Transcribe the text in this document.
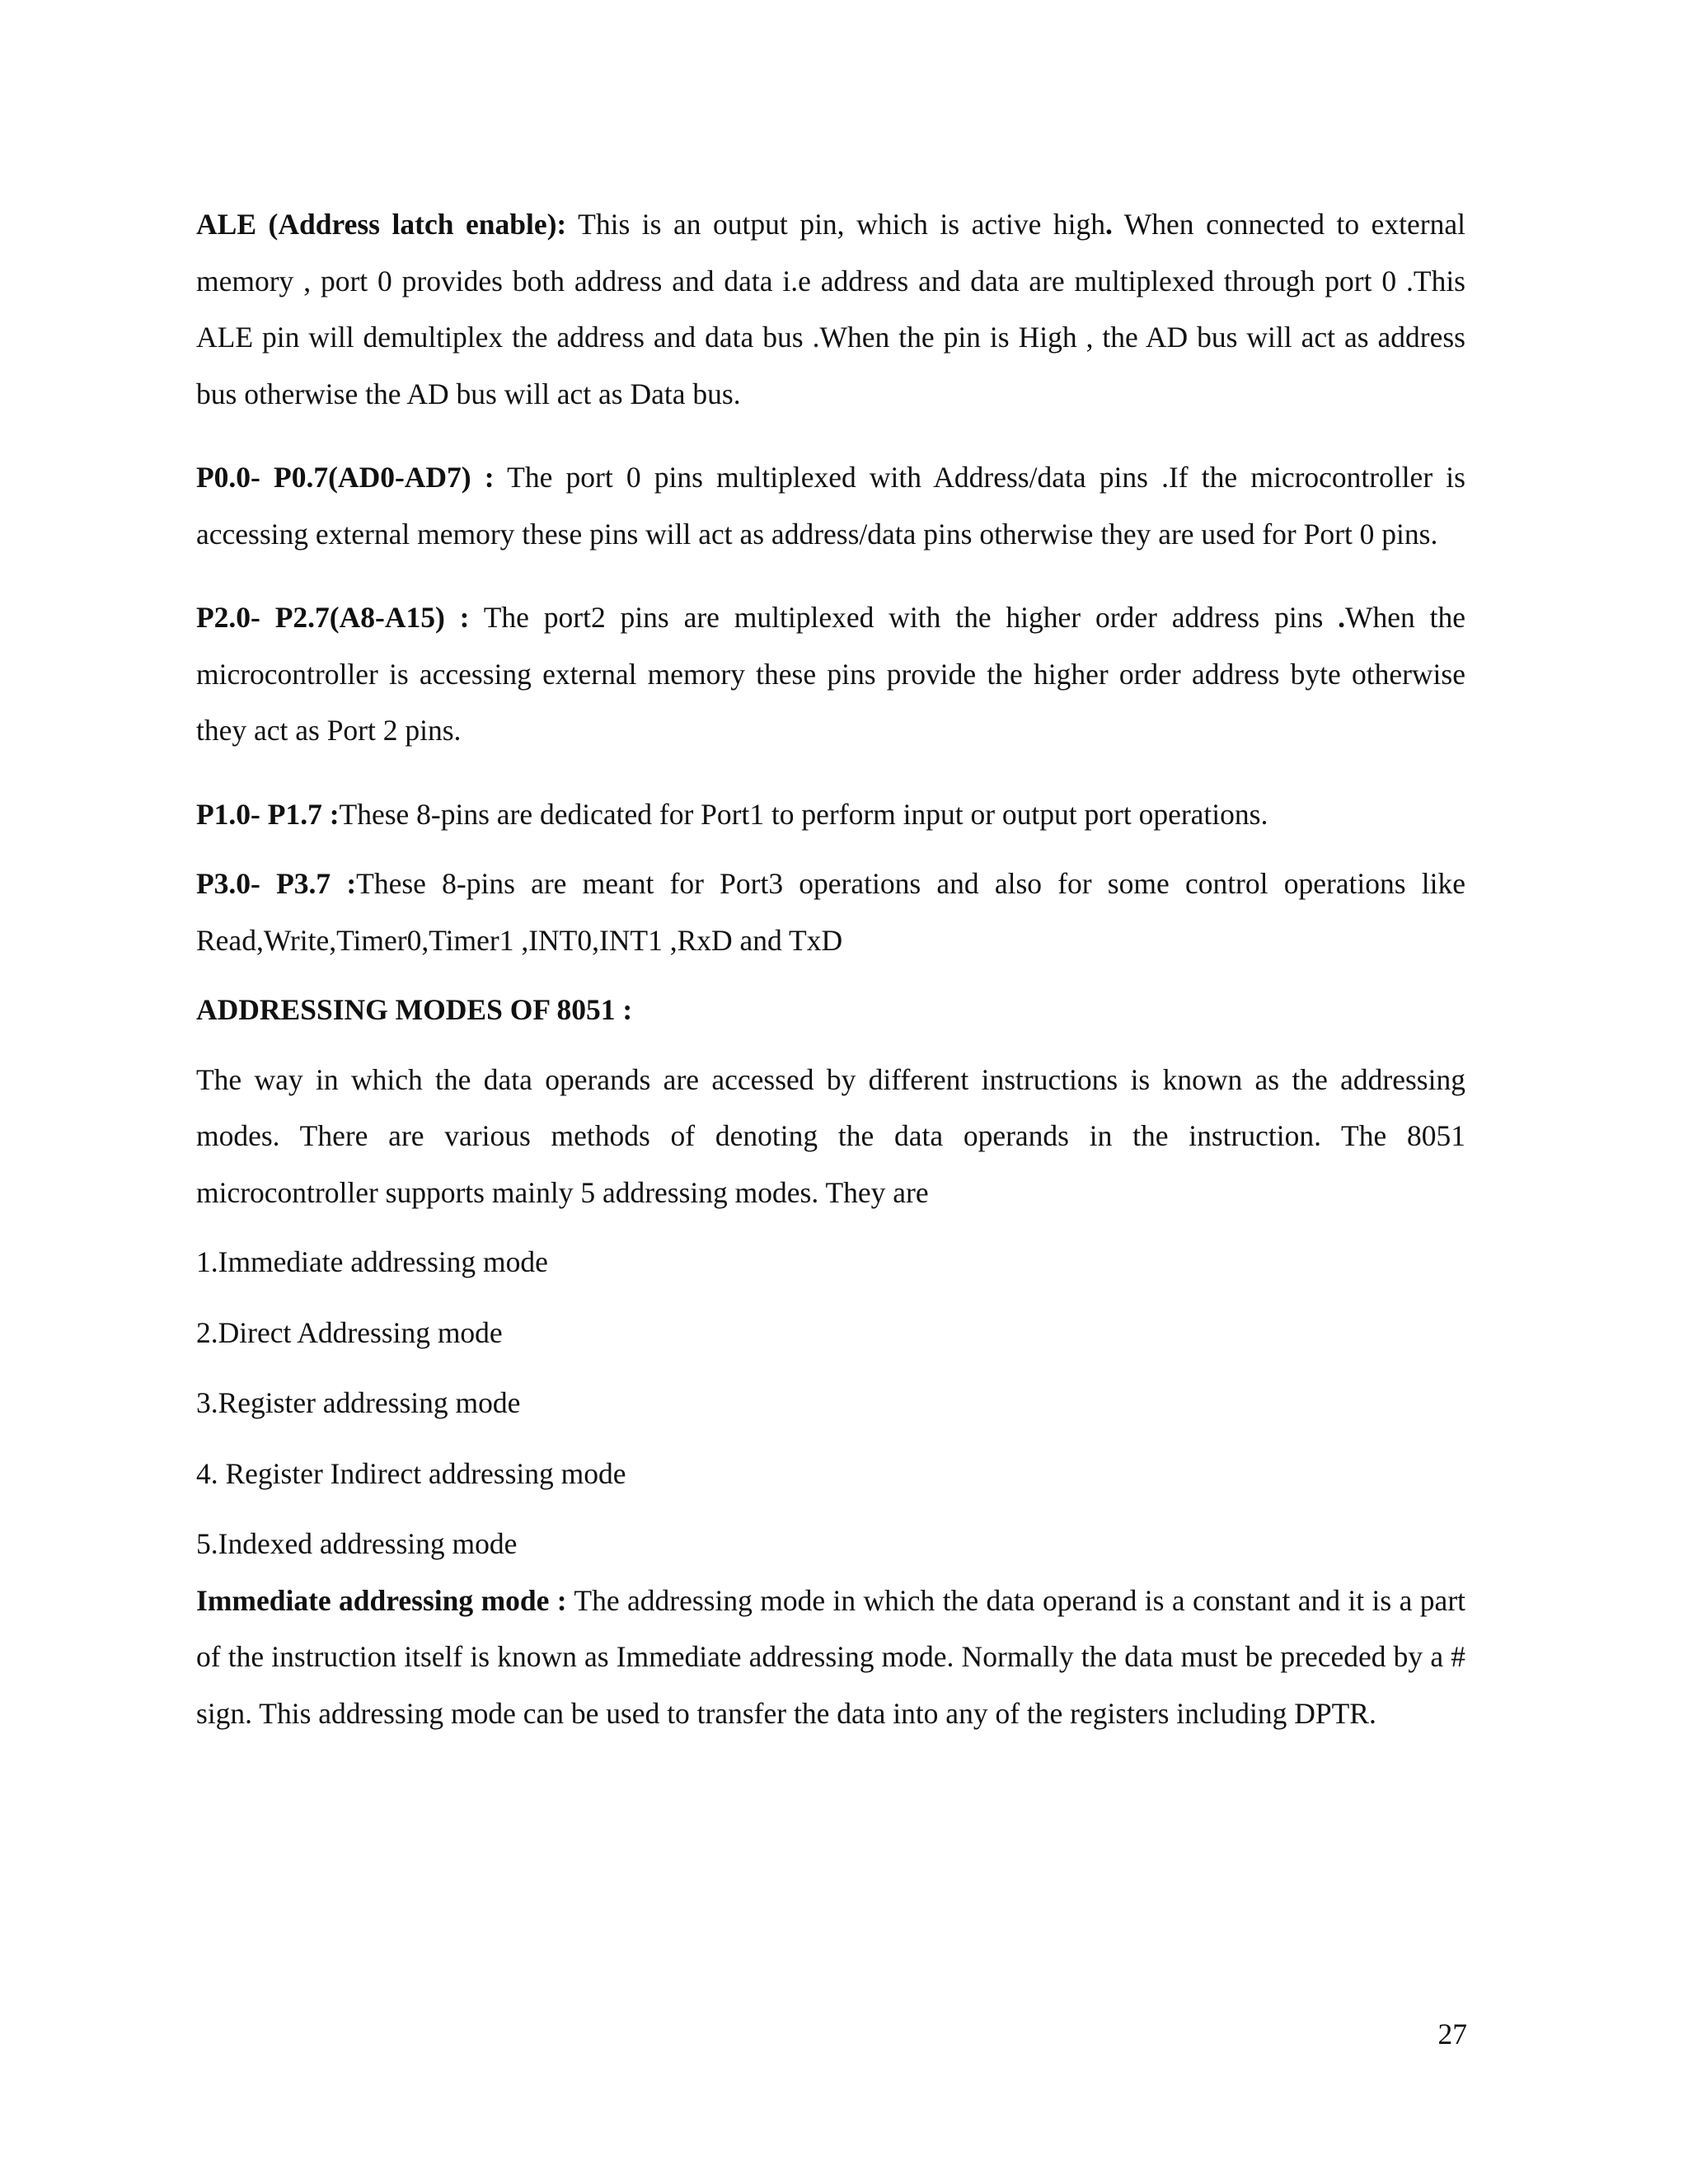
ALE (Address latch enable): This is an output pin, which is active high. When connected to external memory , port 0 provides both address and data i.e address and data are multiplexed through port 0 .This ALE pin will demultiplex the address and data bus .When the pin is High , the AD bus will act as address bus otherwise the AD bus will act as Data bus.

P0.0- P0.7(AD0-AD7) : The port 0 pins multiplexed with Address/data pins .If the microcontroller is accessing external memory these pins will act as address/data pins otherwise they are used for Port 0 pins.

P2.0- P2.7(A8-A15) : The port2 pins are multiplexed with the higher order address pins .When the microcontroller is accessing external memory these pins provide the higher order address byte otherwise they act as Port 2 pins.

P1.0- P1.7 :These 8-pins are dedicated for Port1 to perform input or output port operations.

P3.0- P3.7 :These 8-pins are meant for Port3 operations and also for some control operations like Read,Write,Timer0,Timer1 ,INT0,INT1 ,RxD and TxD

ADDRESSING MODES OF 8051 :

The way in which the data operands are accessed by different instructions is known as the addressing modes. There are various methods of denoting the data operands in the instruction. The 8051 microcontroller supports mainly 5 addressing modes. They are

1.Immediate addressing mode
2.Direct Addressing mode
3.Register addressing mode
4. Register Indirect addressing mode
5.Indexed addressing mode

Immediate addressing mode : The addressing mode in which the data operand is a constant and it is a part of the instruction itself is known as Immediate addressing mode. Normally the data must be preceded by a # sign. This addressing mode can be used to transfer the data into any of the registers including DPTR.

27
